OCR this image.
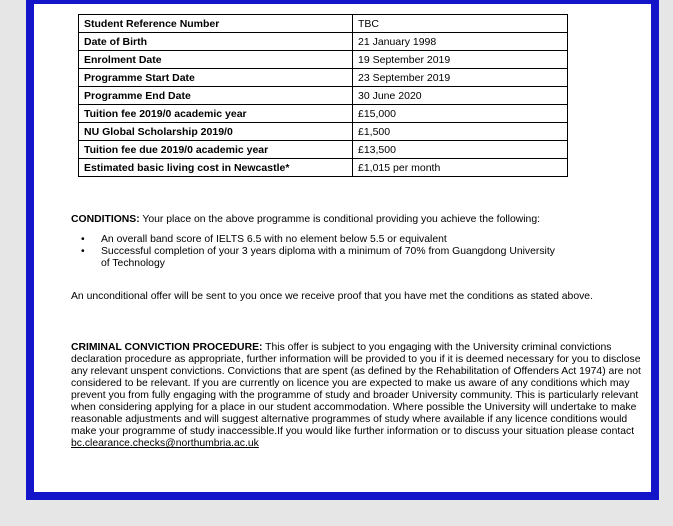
Student Reference Number	TBC
Date of Birth	21 January 1998
Enrolment Date	19 September 2019
Programme Start Date	23 September 2019
Programme End Date	30 June 2020
Tuition fee 2019/0 academic year	£15,000
NU Global Scholarship 2019/0	£1,500
Tuition fee due 2019/0 academic year	£13,500
Estimated basic living cost in Newcastle*	£1,015 per month

CONDITIONS: Your place on the above programme is conditional providing you achieve the following:

• An overall band score of IELTS 6.5 with no element below 5.5 or equivalent
• Successful completion of your 3 years diploma with a minimum of 70% from Guangdong University of Technology

An unconditional offer will be sent to you once we receive proof that you have met the conditions as stated above.

CRIMINAL CONVICTION PROCEDURE: This offer is subject to you engaging with the University criminal convictions declaration procedure as appropriate, further information will be provided to you if it is deemed necessary for you to disclose any relevant unspent convictions. Convictions that are spent (as defined by the Rehabilitation of Offenders Act 1974) are not considered to be relevant. If you are currently on licence you are expected to make us aware of any conditions which may prevent you from fully engaging with the programme of study and broader University community. This is particularly relevant when considering applying for a place in our student accommodation. Where possible the University will undertake to make reasonable adjustments and will suggest alternative programmes of study where available if any licence conditions would make your programme of study inaccessible.If you would like further information or to discuss your situation please contact
bc.clearance.checks@northumbria.ac.uk
